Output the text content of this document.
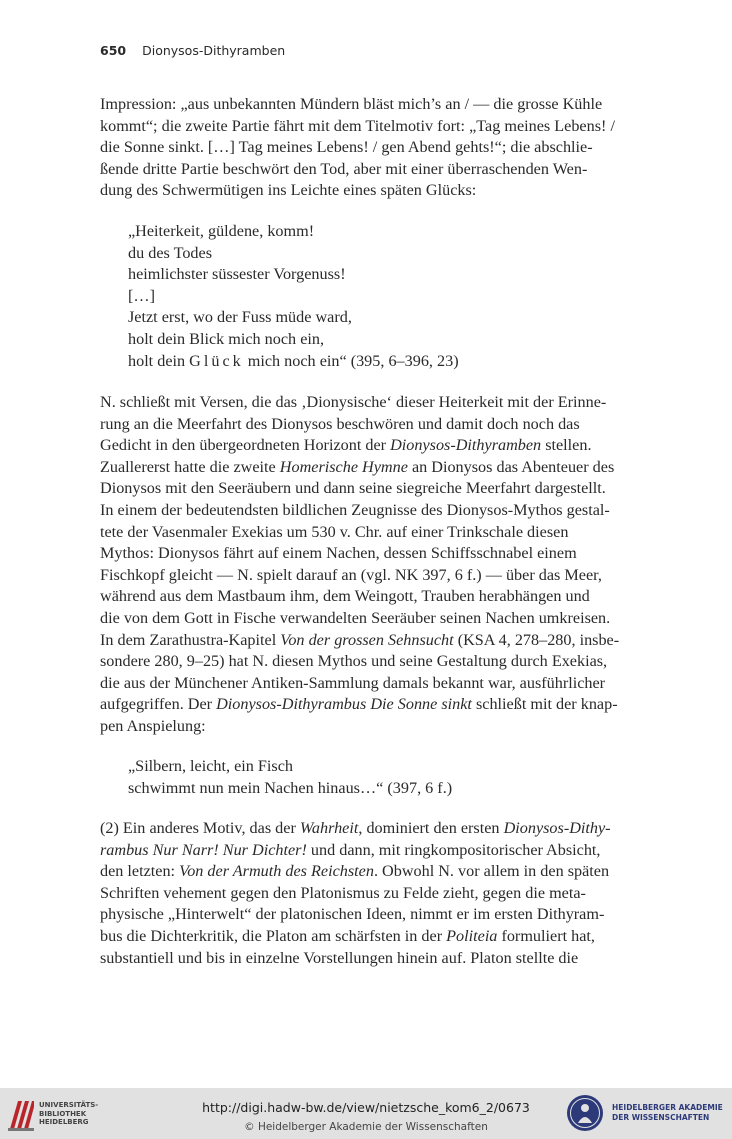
650 Dionysos-Dithyramben

Impression: „aus unbekannten Mündern bläst mich’s an / — die grosse Kühle

kommt“; die zweite Partie fährt mit dem Titelmotiv fort: „Tag meines Lebens! /

die Sonne sinkt. […] Tag meines Lebens! / gen Abend gehts!“; die abschlie-

ßende dritte Partie beschwört den Tod, aber mit einer überraschenden Wen-

dung des Schwermütigen ins Leichte eines späten Glücks:

„Heiterkeit, güldene, komm!
du des Todes
heimlichster süssester Vorgenuss!
[…]
Jetzt erst, wo der Fuss müde ward,
holt dein Blick mich noch ein,
holt dein Glück mich noch ein“ (395, 6–396, 23)

N. schließt mit Versen, die das ‚Dionysische‘ dieser Heiterkeit mit der Erinne-

rung an die Meerfahrt des Dionysos beschwören und damit doch noch das

Gedicht in den übergeordneten Horizont der Dionysos-Dithyramben stellen.

Zuallererst hatte die zweite Homerische Hymne an Dionysos das Abenteuer des

Dionysos mit den Seeräubern und dann seine siegreiche Meerfahrt dargestellt.

In einem der bedeutendsten bildlichen Zeugnisse des Dionysos-Mythos gestal-

tete der Vasenmaler Exekias um 530 v. Chr. auf einer Trinkschale diesen

Mythos: Dionysos fährt auf einem Nachen, dessen Schiffsschnabel einem

Fischkopf gleicht — N. spielt darauf an (vgl. NK 397, 6 f.) — über das Meer,

während aus dem Mastbaum ihm, dem Weingott, Trauben herabhängen und

die von dem Gott in Fische verwandelten Seeräuber seinen Nachen umkreisen.

In dem Zarathustra-Kapitel Von der grossen Sehnsucht (KSA 4, 278–280, insbe-

sondere 280, 9–25) hat N. diesen Mythos und seine Gestaltung durch Exekias,

die aus der Münchener Antiken-Sammlung damals bekannt war, ausführlicher

aufgegriffen. Der Dionysos-Dithyrambus Die Sonne sinkt schließt mit der knap-

pen Anspielung:

„Silbern, leicht, ein Fisch
schwimmt nun mein Nachen hinaus…“ (397, 6 f.)

(2) Ein anderes Motiv, das der Wahrheit, dominiert den ersten Dionysos-Dithy-

rambus Nur Narr! Nur Dichter! und dann, mit ringkompositorischer Absicht,

den letzten: Von der Armuth des Reichsten. Obwohl N. vor allem in den späten

Schriften vehement gegen den Platonismus zu Felde zieht, gegen die meta-

physische „Hinterwelt“ der platonischen Ideen, nimmt er im ersten Dithyram-

bus die Dichterkritik, die Platon am schärfsten in der Politeia formuliert hat,

substantiell und bis in einzelne Vorstellungen hinein auf. Platon stellte die

UNIVERSITÄTS-
BIBLIOTHEK
HEIDELBERG
http://digi.hadw-bw.de/view/nietzsche_kom6_2/0673
© Heidelberger Akademie der Wissenschaften
HEIDELBERGER AKADEMIE
DER WISSENSCHAFTEN
